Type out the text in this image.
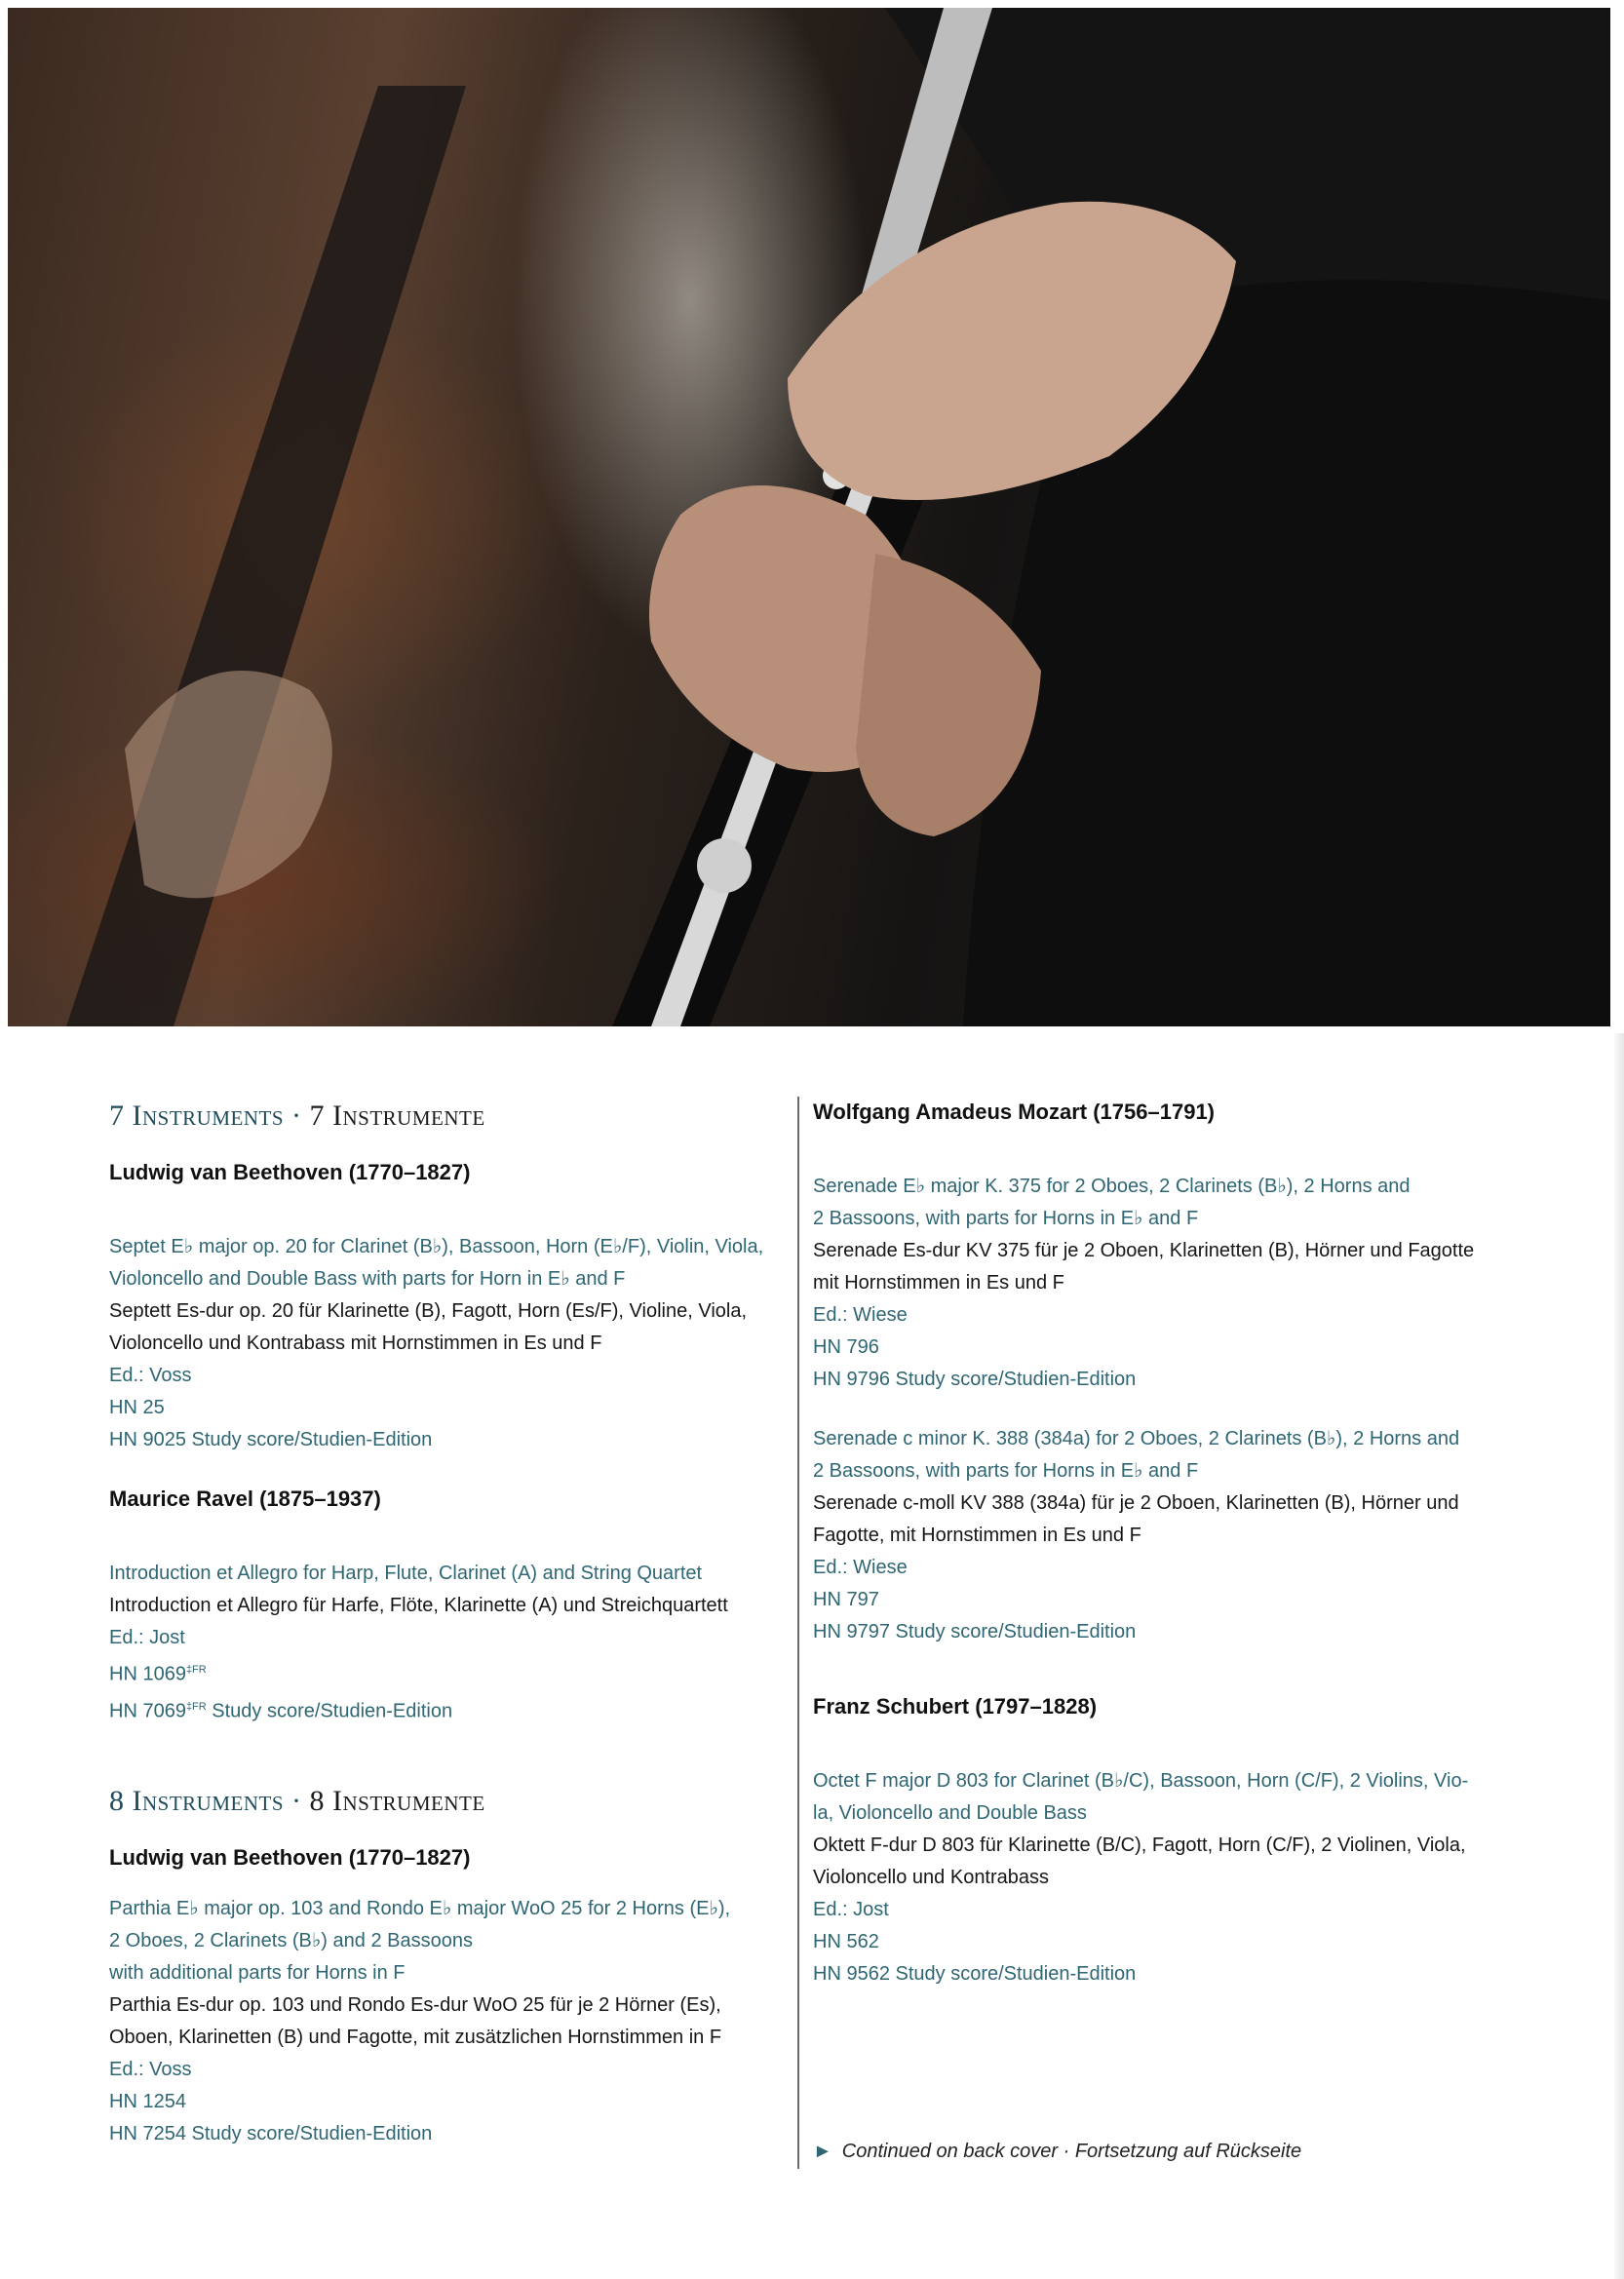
7 Instruments · 7 Instrumente
Ludwig van Beethoven (1770–1827)
Septet E♭ major op. 20 for Clarinet (B♭), Bassoon, Horn (E♭/F), Violin, Viola,
Violoncello and Double Bass with parts for Horn in E♭ and F
Septett Es-dur op. 20 für Klarinette (B), Fagott, Horn (Es/F), Violine, Viola,
Violoncello und Kontrabass mit Hornstimmen in Es und F
Ed.: Voss
HN 25
HN 9025 Study score/Studien-Edition
Maurice Ravel (1875–1937)
Introduction et Allegro for Harp, Flute, Clarinet (A) and String Quartet
Introduction et Allegro für Harfe, Flöte, Klarinette (A) und Streichquartett
Ed.: Jost
HN $1069^{\ddagger FR}$
HN $7069^{\ddagger FR}$ Study score/Studien-Edition
8 Instruments · 8 Instrumente
Ludwig van Beethoven (1770–1827)
Parthia E♭ major op. 103 and Rondo E♭ major WoO 25 for 2 Horns (E♭),
2 Oboes, 2 Clarinets (B♭) and 2 Bassoons
with additional parts for Horns in F
Parthia Es-dur op. 103 und Rondo Es-dur WoO 25 für je 2 Hörner (Es),
Oboen, Klarinetten (B) und Fagotte, mit zusätzlichen Hornstimmen in F
Ed.: Voss
HN 1254
HN 7254 Study score/Studien-Edition
Wolfgang Amadeus Mozart (1756–1791)
Serenade E♭ major K. 375 for 2 Oboes, 2 Clarinets (B♭), 2 Horns and
2 Bassoons, with parts for Horns in E♭ and F
Serenade Es-dur KV 375 für je 2 Oboen, Klarinetten (B), Hörner und Fagotte
mit Hornstimmen in Es und F
Ed.: Wiese
HN 796
HN 9796 Study score/Studien-Edition
Serenade c minor K. 388 (384a) for 2 Oboes, 2 Clarinets (B♭), 2 Horns and
2 Bassoons, with parts for Horns in E♭ and F
Serenade c-moll KV 388 (384a) für je 2 Oboen, Klarinetten (B), Hörner und
Fagotte, mit Hornstimmen in Es und F
Ed.: Wiese
HN 797
HN 9797 Study score/Studien-Edition
Franz Schubert (1797–1828)
Octet F major D 803 for Clarinet (B♭/C), Bassoon, Horn (C/F), 2 Violins, Vio-
la, Violoncello and Double Bass
Oktett F-dur D 803 für Klarinette (B/C), Fagott, Horn (C/F), 2 Violinen, Viola,
Violoncello und Kontrabass
Ed.: Jost
HN 562
HN 9562 Study score/Studien-Edition
► Continued on back cover · Fortsetzung auf Rückseite
